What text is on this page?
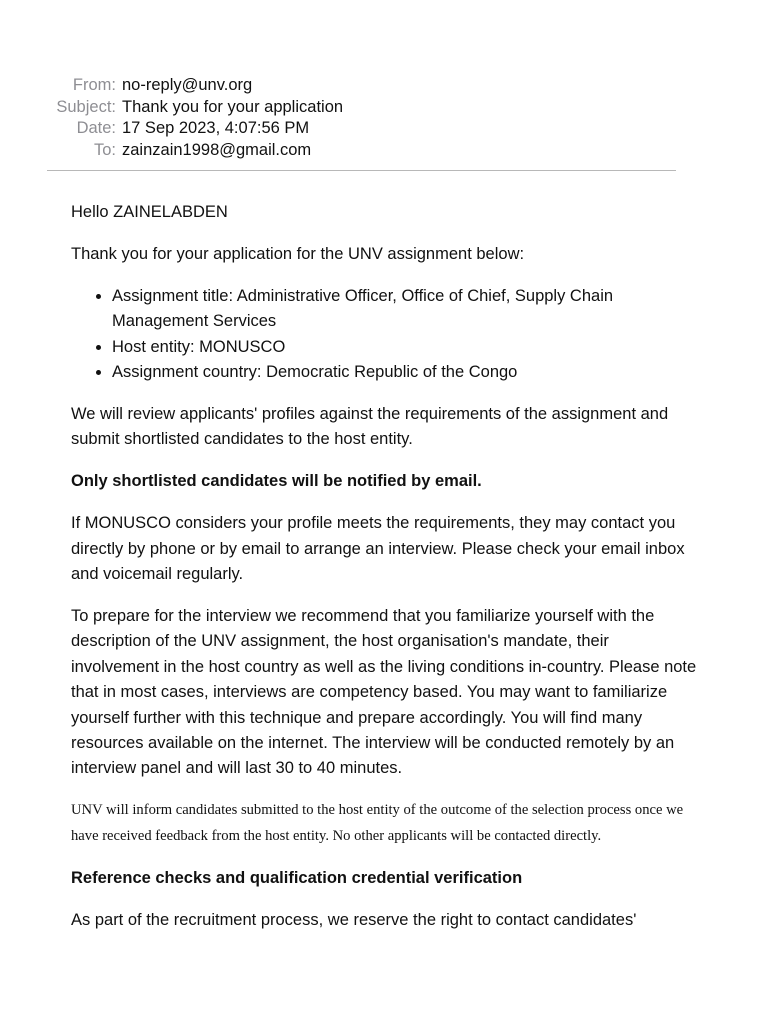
From: no-reply@unv.org
Subject: Thank you for your application
Date: 17 Sep 2023, 4:07:56 PM
To: zainzain1998@gmail.com

Hello ZAINELABDEN

Thank you for your application for the UNV assignment below:

• Assignment title: Administrative Officer, Office of Chief, Supply Chain Management Services
• Host entity: MONUSCO
• Assignment country: Democratic Republic of the Congo

We will review applicants' profiles against the requirements of the assignment and submit shortlisted candidates to the host entity.

Only shortlisted candidates will be notified by email.

If MONUSCO considers your profile meets the requirements, they may contact you directly by phone or by email to arrange an interview. Please check your email inbox and voicemail regularly.

To prepare for the interview we recommend that you familiarize yourself with the description of the UNV assignment, the host organisation's mandate, their involvement in the host country as well as the living conditions in-country. Please note that in most cases, interviews are competency based. You may want to familiarize yourself further with this technique and prepare accordingly. You will find many resources available on the internet. The interview will be conducted remotely by an interview panel and will last 30 to 40 minutes.

UNV will inform candidates submitted to the host entity of the outcome of the selection process once we have received feedback from the host entity. No other applicants will be contacted directly.

Reference checks and qualification credential verification

As part of the recruitment process, we reserve the right to contact candidates'
